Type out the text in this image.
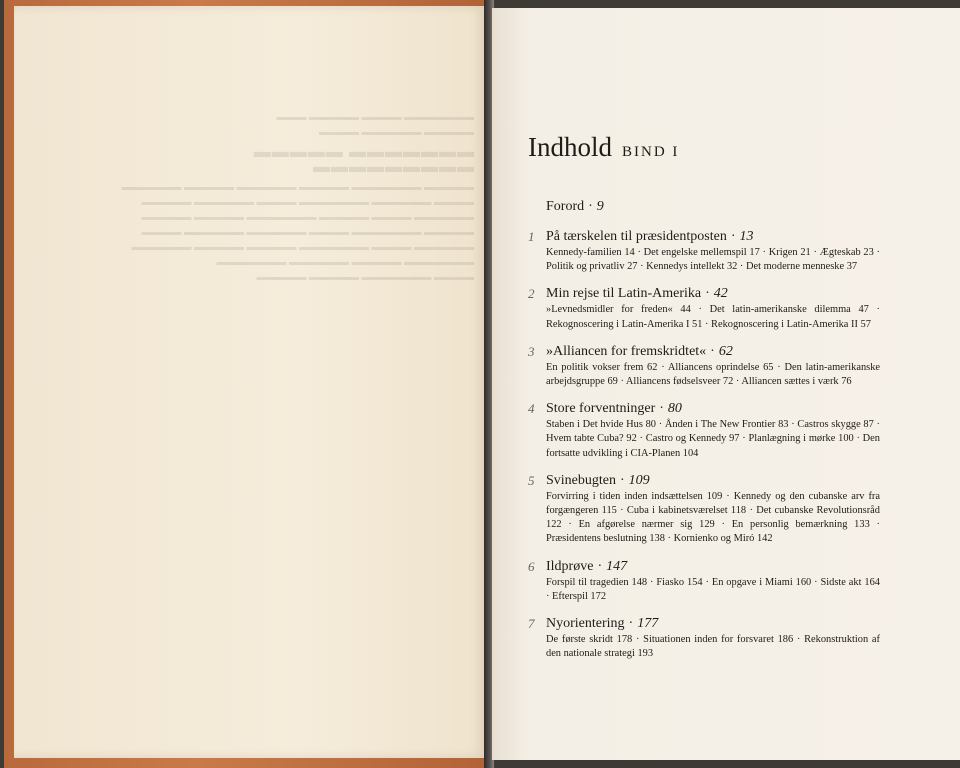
▬▬▬▬▬▬▬ ▬▬▬▬ ▬▬▬▬▬ ▬▬▬
▬▬▬▬▬ ▬▬▬▬▬▬ ▬▬▬▬
▬▬▬▬▬▬▬ ▬▬▬▬▬ ▬▬▬▬▬▬▬▬▬
▬▬▬▬▬ ▬▬▬▬▬▬▬ ▬▬▬▬▬ ▬▬▬▬▬▬ ▬▬▬▬▬ ▬▬▬▬▬▬
▬▬▬▬ ▬▬▬▬▬▬ ▬▬▬▬▬▬▬ ▬▬▬▬ ▬▬▬▬▬▬ ▬▬▬▬▬
▬▬▬▬▬▬ ▬▬▬▬ ▬▬▬▬▬ ▬▬▬▬▬▬▬ ▬▬▬▬▬ ▬▬▬▬▬
▬▬▬▬▬ ▬▬▬▬▬▬▬ ▬▬▬▬ ▬▬▬▬▬▬ ▬▬▬▬▬▬ ▬▬▬▬
▬▬▬▬▬▬ ▬▬▬▬ ▬▬▬▬▬▬▬ ▬▬▬▬▬ ▬▬▬▬▬ ▬▬▬▬▬▬
▬▬▬▬▬▬▬ ▬▬▬▬▬ ▬▬▬▬▬▬ ▬▬▬▬▬▬▬
▬▬▬▬ ▬▬▬▬▬▬▬ ▬▬▬▬▬ ▬▬▬▬▬
Indhold BIND I
Forord · 9
1 På tærskelen til præsidentposten · 13
Kennedy-familien 14 · Det engelske mellemspil 17 · Krigen 21 · Ægteskab 23 · Politik og privatliv 27 · Kennedys intellekt 32 · Det moderne menneske 37
2 Min rejse til Latin-Amerika · 42
»Levnedsmidler for freden« 44 · Det latin-amerikanske dilemma 47 · Rekognoscering i Latin-Amerika I 51 · Rekognoscering i Latin-Amerika II 57
3 »Alliancen for fremskridtet« · 62
En politik vokser frem 62 · Alliancens oprindelse 65 · Den latin-amerikanske arbejdsgruppe 69 · Alliancens fødselsveer 72 · Alliancen sættes i værk 76
4 Store forventninger · 80
Staben i Det hvide Hus 80 · Ånden i The New Frontier 83 · Castros skygge 87 · Hvem tabte Cuba? 92 · Castro og Kennedy 97 · Planlægning i mørke 100 · Den fortsatte udvikling i CIA-Planen 104
5 Svinebugten · 109
Forvirring i tiden inden indsættelsen 109 · Kennedy og den cubanske arv fra forgængeren 115 · Cuba i kabinetsværelset 118 · Det cubanske Revolutionsråd 122 · En afgørelse nærmer sig 129 · En personlig bemærkning 133 · Præsidentens beslutning 138 · Kornienko og Miró 142
6 Ildprøve · 147
Forspil til tragedien 148 · Fiasko 154 · En opgave i Miami 160 · Sidste akt 164 · Efterspil 172
7 Nyorientering · 177
De første skridt 178 · Situationen inden for forsvaret 186 · Rekonstruktion af den nationale strategi 193
